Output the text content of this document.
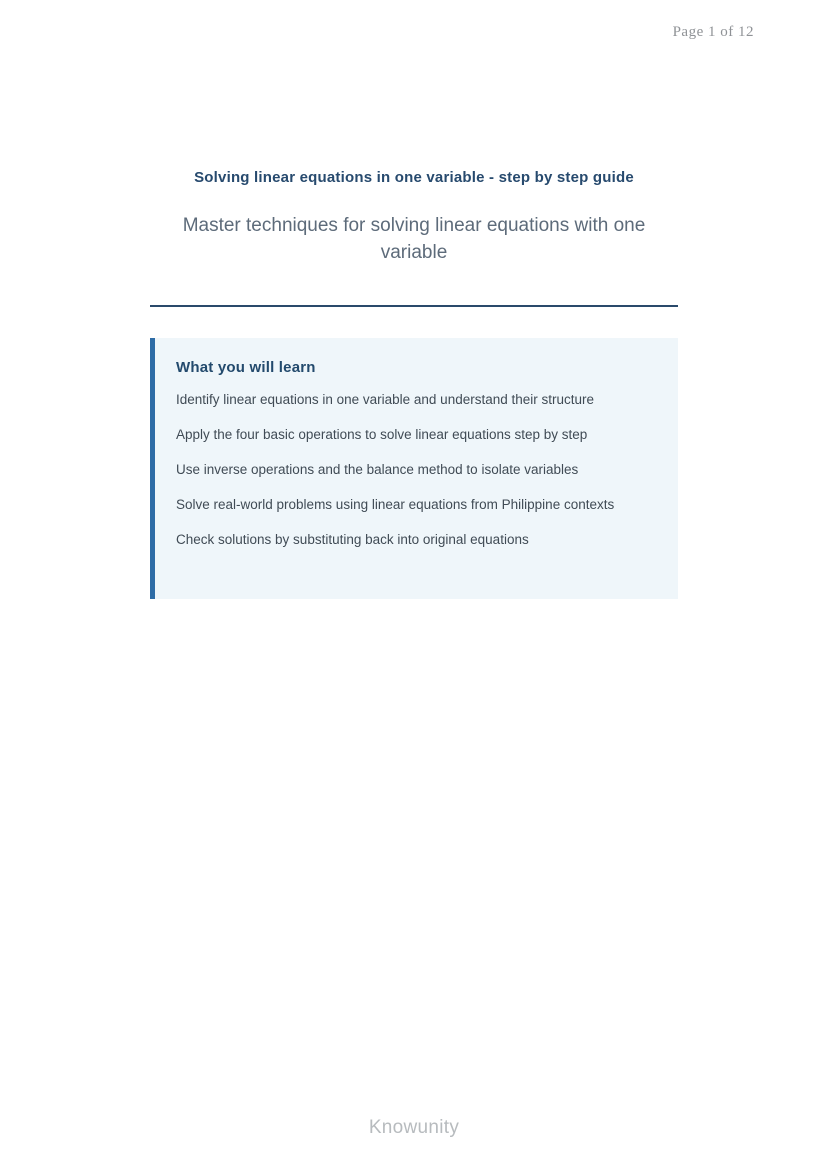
Page 1 of 12
Solving linear equations in one variable - step by step guide
Master techniques for solving linear equations with one variable
What you will learn
Identify linear equations in one variable and understand their structure
Apply the four basic operations to solve linear equations step by step
Use inverse operations and the balance method to isolate variables
Solve real-world problems using linear equations from Philippine contexts
Check solutions by substituting back into original equations
Knowunity
